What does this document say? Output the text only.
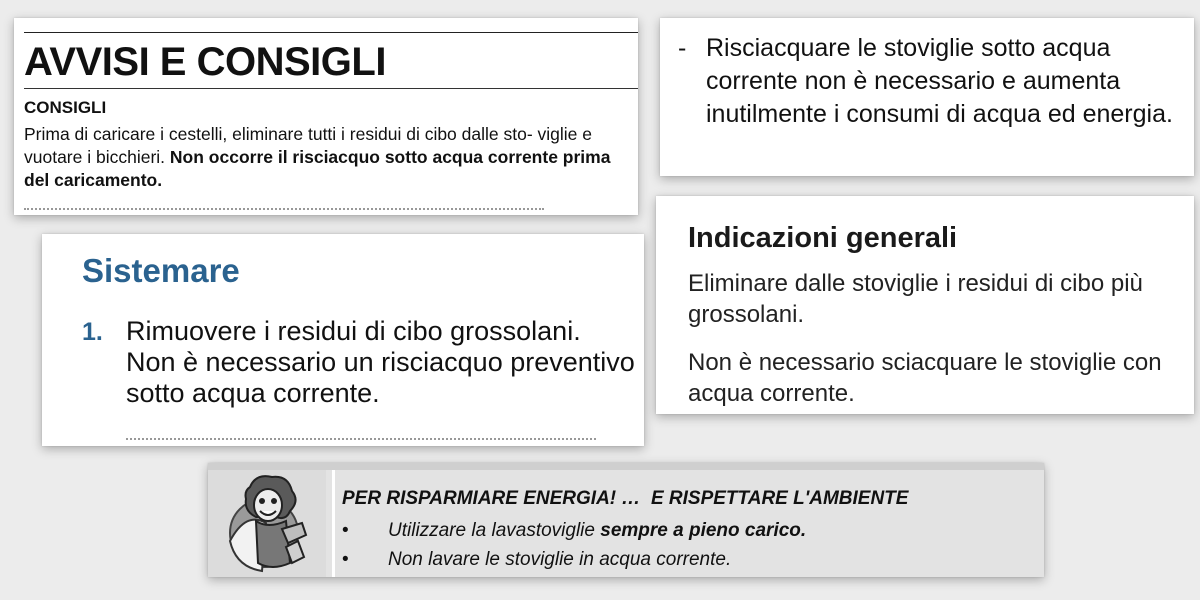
AVVISI E CONSIGLI
CONSIGLI
Prima di caricare i cestelli, eliminare tutti i residui di cibo dalle sto- viglie e vuotare i bicchieri. Non occorre il risciacquo sotto acqua corrente prima del caricamento.
- Risciacquare le stoviglie sotto acqua corrente non è necessario e aumenta inutilmente i consumi di acqua ed energia.
Sistemare
1. Rimuovere i residui di cibo grossolani. Non è necessario un risciacquo preventivo sotto acqua corrente.
Indicazioni generali
Eliminare dalle stoviglie i residui di cibo più grossolani.
Non è necessario sciacquare le stoviglie con acqua corrente.
PER RISPARMIARE ENERGIA! …  E RISPETTARE L'AMBIENTE
• Utilizzare la lavastoviglie sempre a pieno carico.
• Non lavare le stoviglie in acqua corrente.
